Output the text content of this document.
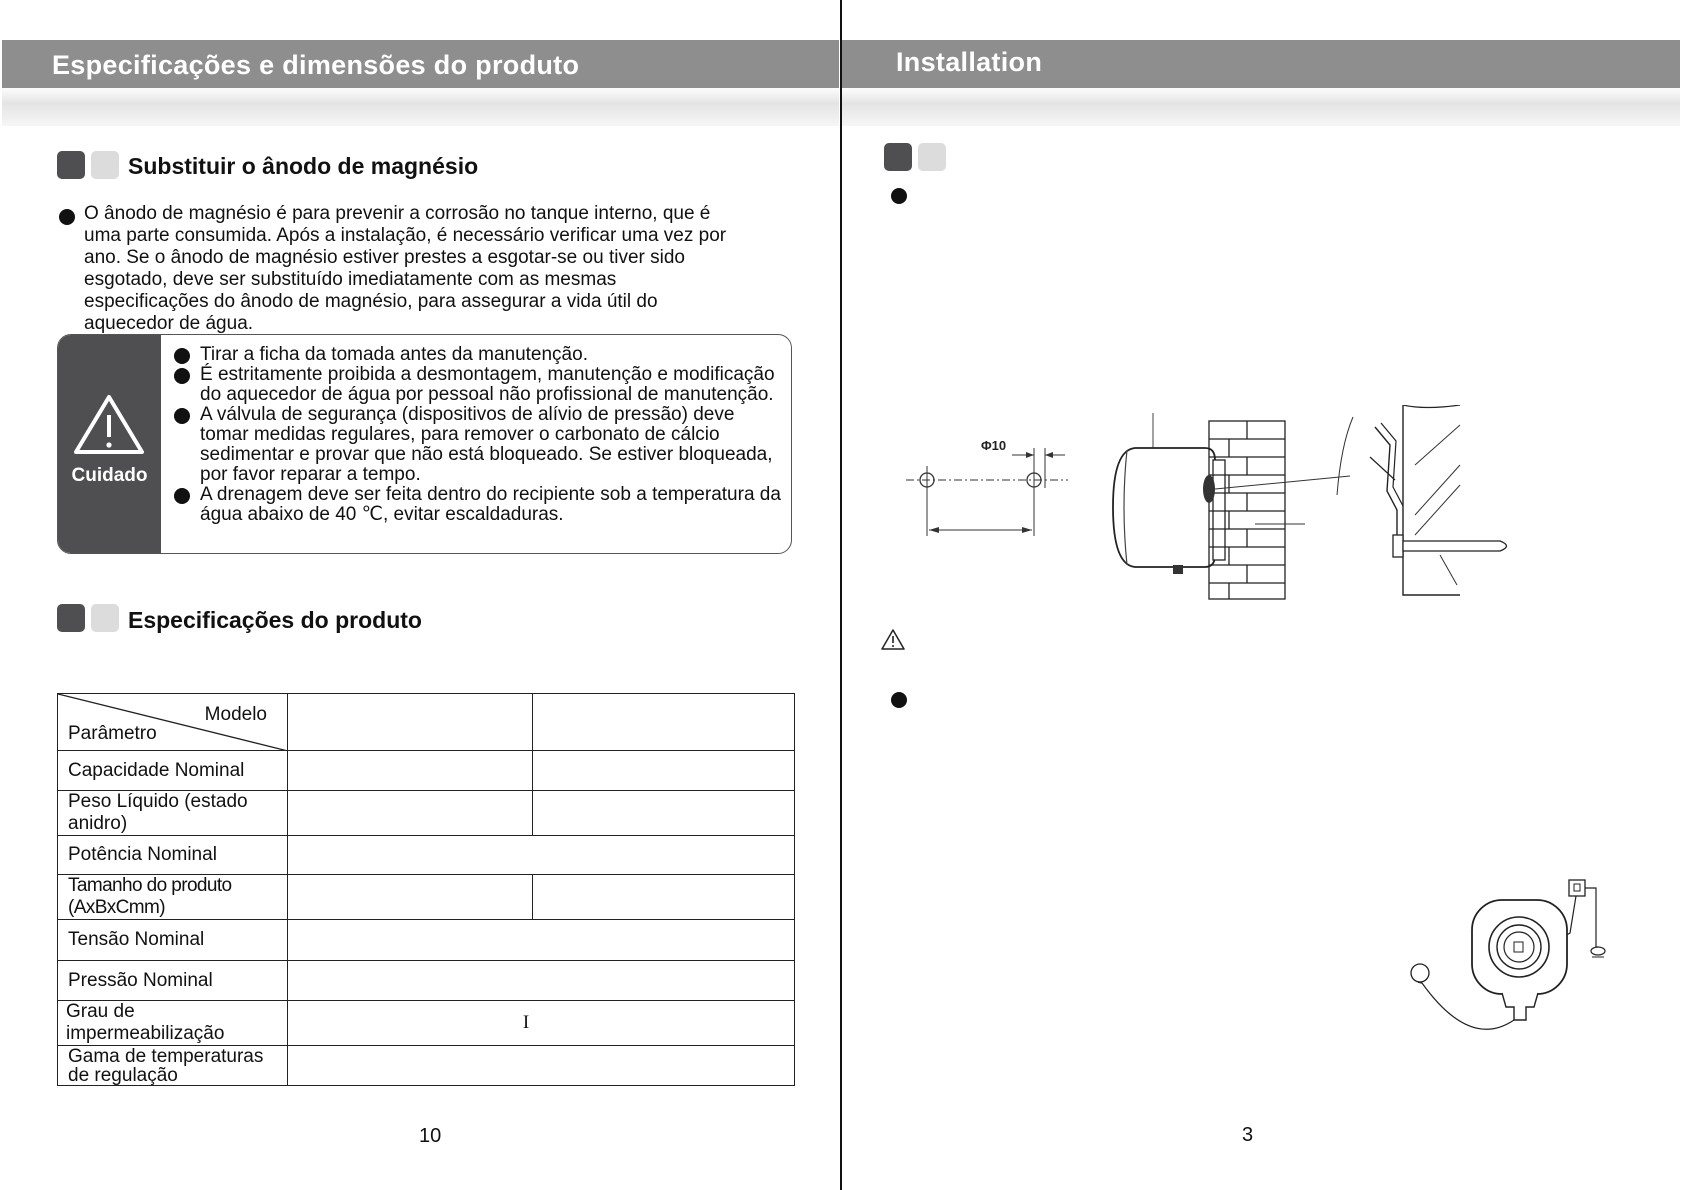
Especificações e dimensões do produto	Installation
Substituir o ânodo de magnésio
O ânodo de magnésio é para prevenir a corrosão no tanque interno, que é
uma parte consumida. Após a instalação, é necessário verificar uma vez por
ano. Se o ânodo de magnésio estiver prestes a esgotar-se ou tiver sido
esgotado, deve ser substituído imediatamente com as mesmas
especificações do ânodo de magnésio, para assegurar a vida útil do
aquecedor de água.
Cuidado
Tirar a ficha da tomada antes da manutenção.
É estritamente proibida a desmontagem, manutenção e modificação do aquecedor de água por pessoal não profissional de manutenção.
A válvula de segurança (dispositivos de alívio de pressão) deve tomar medidas regulares, para remover o carbonato de cálcio sedimentar e provar que não está bloqueado. Se estiver bloqueada, por favor reparar a tempo.
A drenagem deve ser feita dentro do recipiente sob a temperatura da água abaixo de 40 ℃, evitar escaldaduras.
Especificações do produto
Modelo
Parâmetro		

Capacidade Nominal		
Peso Líquido (estado anidro)		
Potência Nominal		
Tamanho do produto (AxBxCmm)		
Tensão Nominal		
Pressão Nominal		
Grau de impermeabilização	I	

Gama de temperaturas
de regulação		

10
Φ10
3
